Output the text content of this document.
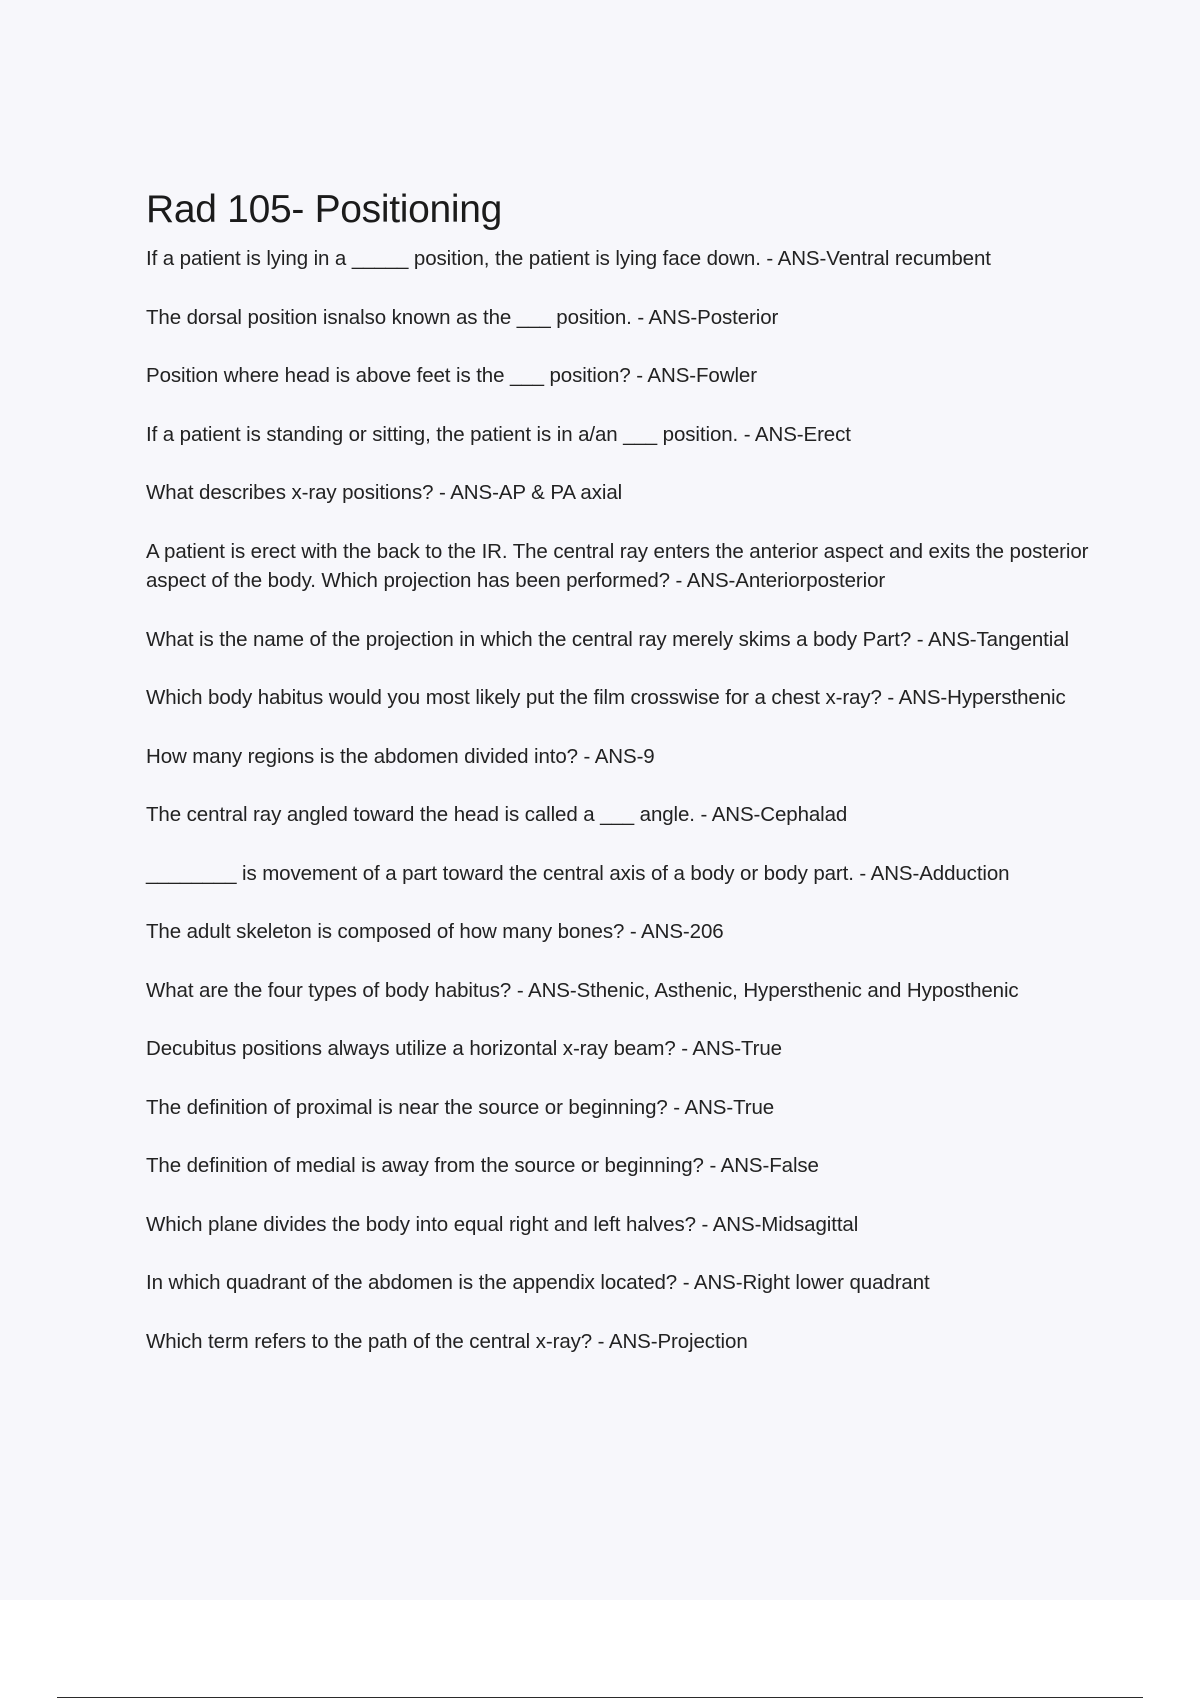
Rad 105- Positioning
If a patient is lying in a _____ position, the patient is lying face down. - ANS-Ventral recumbent
The dorsal position isnalso known as the ___ position. - ANS-Posterior
Position where head is above feet is the ___ position? - ANS-Fowler
If a patient is standing or sitting, the patient is in a/an ___ position. - ANS-Erect
What describes x-ray positions? - ANS-AP & PA axial
A patient is erect with the back to the IR. The central ray enters the anterior aspect and exits the posterior aspect of the body. Which projection has been performed? - ANS-Anteriorposterior
What is the name of the projection in which the central ray merely skims a body Part? - ANS-Tangential
Which body habitus would you most likely put the film crosswise for a chest x-ray? - ANS-Hypersthenic
How many regions is the abdomen divided into? - ANS-9
The central ray angled toward the head is called a ___ angle. - ANS-Cephalad
________ is movement of a part toward the central axis of a body or body part. - ANS-Adduction
The adult skeleton is composed of how many bones? - ANS-206
What are the four types of body habitus? - ANS-Sthenic, Asthenic, Hypersthenic and Hyposthenic
Decubitus positions always utilize a horizontal x-ray beam? - ANS-True
The definition of proximal is near the source or beginning? - ANS-True
The definition of medial is away from the source or beginning? - ANS-False
Which plane divides the body into equal right and left halves? - ANS-Midsagittal
In which quadrant of the abdomen is the appendix located? - ANS-Right lower quadrant
Which term refers to the path of the central x-ray? - ANS-Projection
